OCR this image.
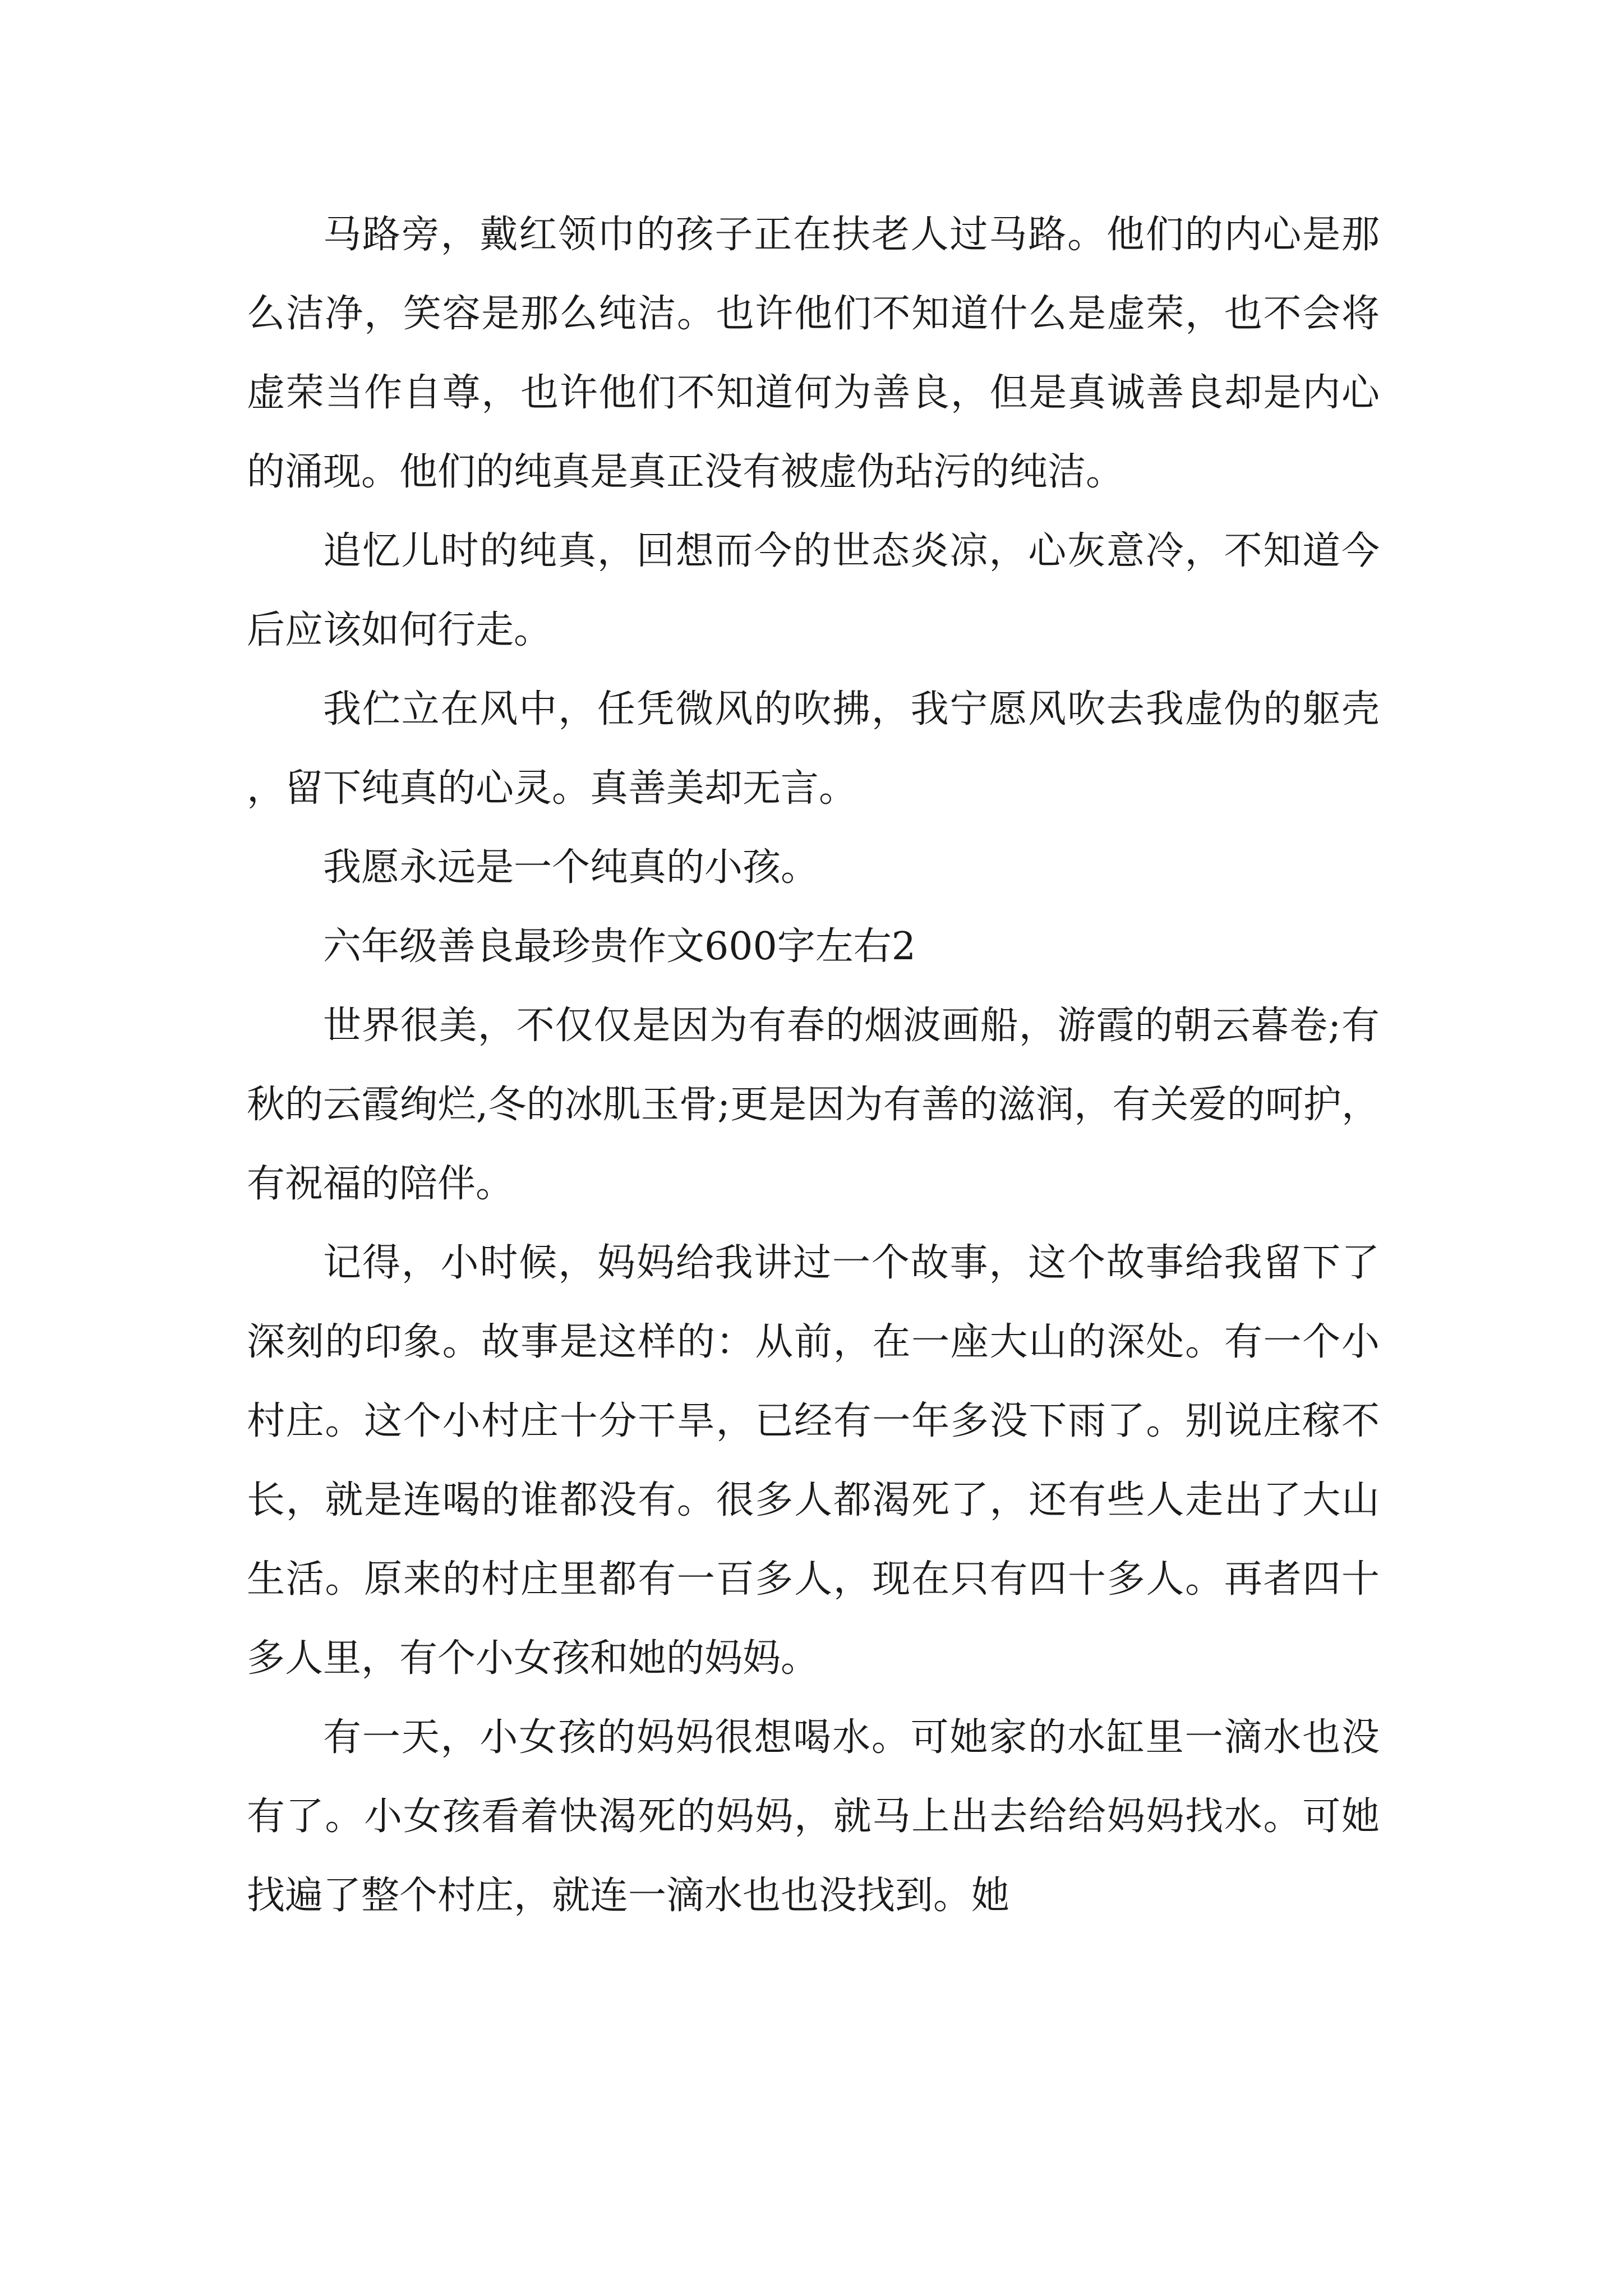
马路旁，戴红领巾的孩子正在扶老人过马路。他们的内心是那么洁净，笑容是那么纯洁。也许他们不知道什么是虚荣，也不会将虚荣当作自尊，也许他们不知道何为善良，但是真诚善良却是内心的涌现。他们的纯真是真正没有被虚伪玷污的纯洁。

追忆儿时的纯真，回想而今的世态炎凉，心灰意冷，不知道今后应该如何行走。

我伫立在风中，任凭微风的吹拂，我宁愿风吹去我虚伪的躯壳，留下纯真的心灵。真善美却无言。

我愿永远是一个纯真的小孩。

六年级善良最珍贵作文600字左右2

世界很美，不仅仅是因为有春的烟波画船，游霞的朝云暮卷;有秋的云霞绚烂,冬的冰肌玉骨;更是因为有善的滋润，有关爱的呵护，有祝福的陪伴。

记得，小时候，妈妈给我讲过一个故事，这个故事给我留下了深刻的印象。故事是这样的：从前，在一座大山的深处。有一个小村庄。这个小村庄十分干旱，已经有一年多没下雨了。别说庄稼不长，就是连喝的谁都没有。很多人都渴死了，还有些人走出了大山生活。原来的村庄里都有一百多人，现在只有四十多人。再者四十多人里，有个小女孩和她的妈妈。

有一天，小女孩的妈妈很想喝水。可她家的水缸里一滴水也没有了。小女孩看着快渴死的妈妈，就马上出去给给妈妈找水。可她找遍了整个村庄，就连一滴水也也没找到。她
